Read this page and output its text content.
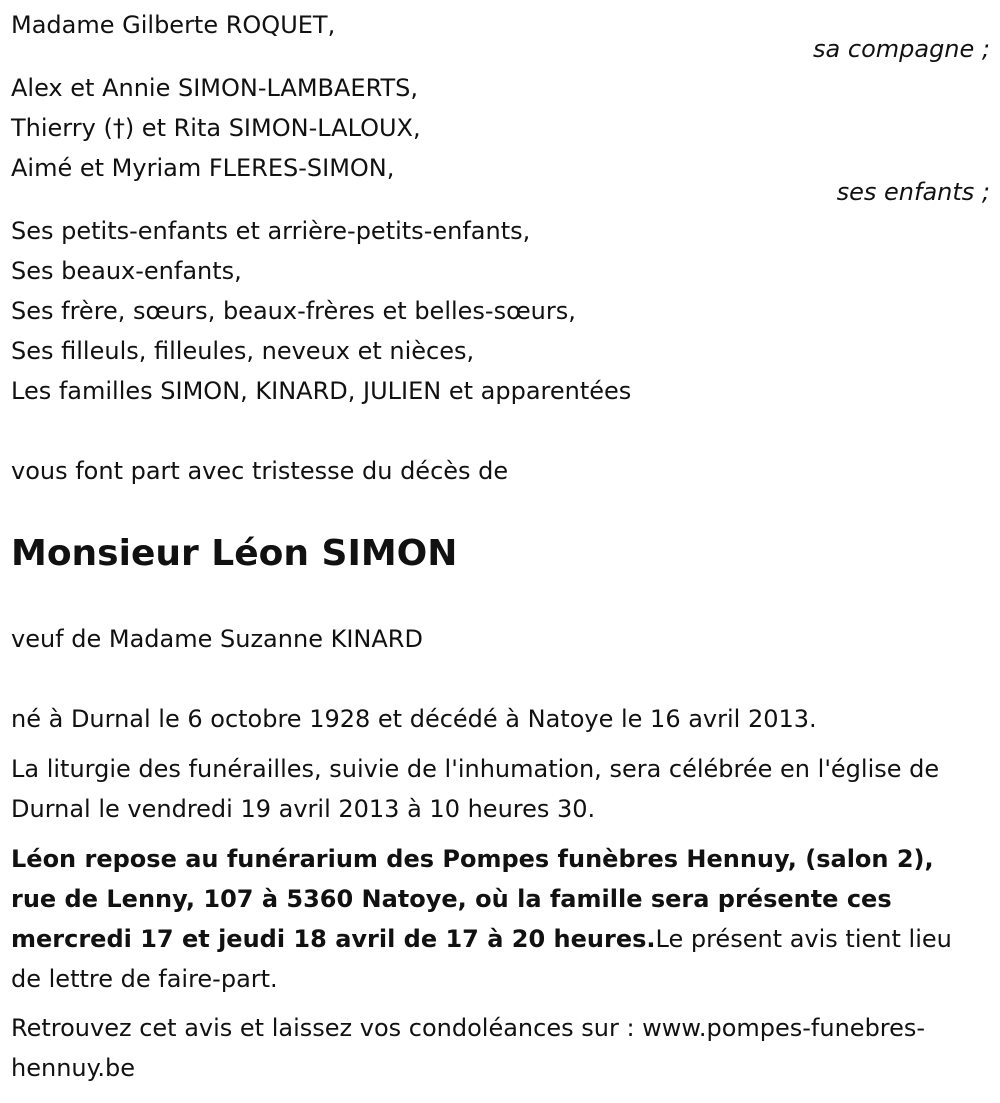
Madame Gilberte ROQUET,
sa compagne ;
Alex et Annie SIMON-LAMBAERTS,
Thierry (†) et Rita SIMON-LALOUX,
Aimé et Myriam FLERES-SIMON,
ses enfants ;
Ses petits-enfants et arrière-petits-enfants,
Ses beaux-enfants,
Ses frère, sœurs, beaux-frères et belles-sœurs,
Ses filleuls, filleules, neveux et nièces,
Les familles SIMON, KINARD, JULIEN et apparentées
vous font part avec tristesse du décès de
Monsieur Léon SIMON
veuf de Madame Suzanne KINARD
né à Durnal le 6 octobre 1928 et décédé à Natoye le 16 avril 2013.
La liturgie des funérailles, suivie de l'inhumation, sera célébrée en l'église de Durnal le vendredi 19 avril 2013 à 10 heures 30.
Léon repose au funérarium des Pompes funèbres Hennuy, (salon 2), rue de Lenny, 107 à 5360 Natoye, où la famille sera présente ces mercredi 17 et jeudi 18 avril de 17 à 20 heures.Le présent avis tient lieu de lettre de faire-part.
Retrouvez cet avis et laissez vos condoléances sur : www.pompes-funebres-hennuy.be
